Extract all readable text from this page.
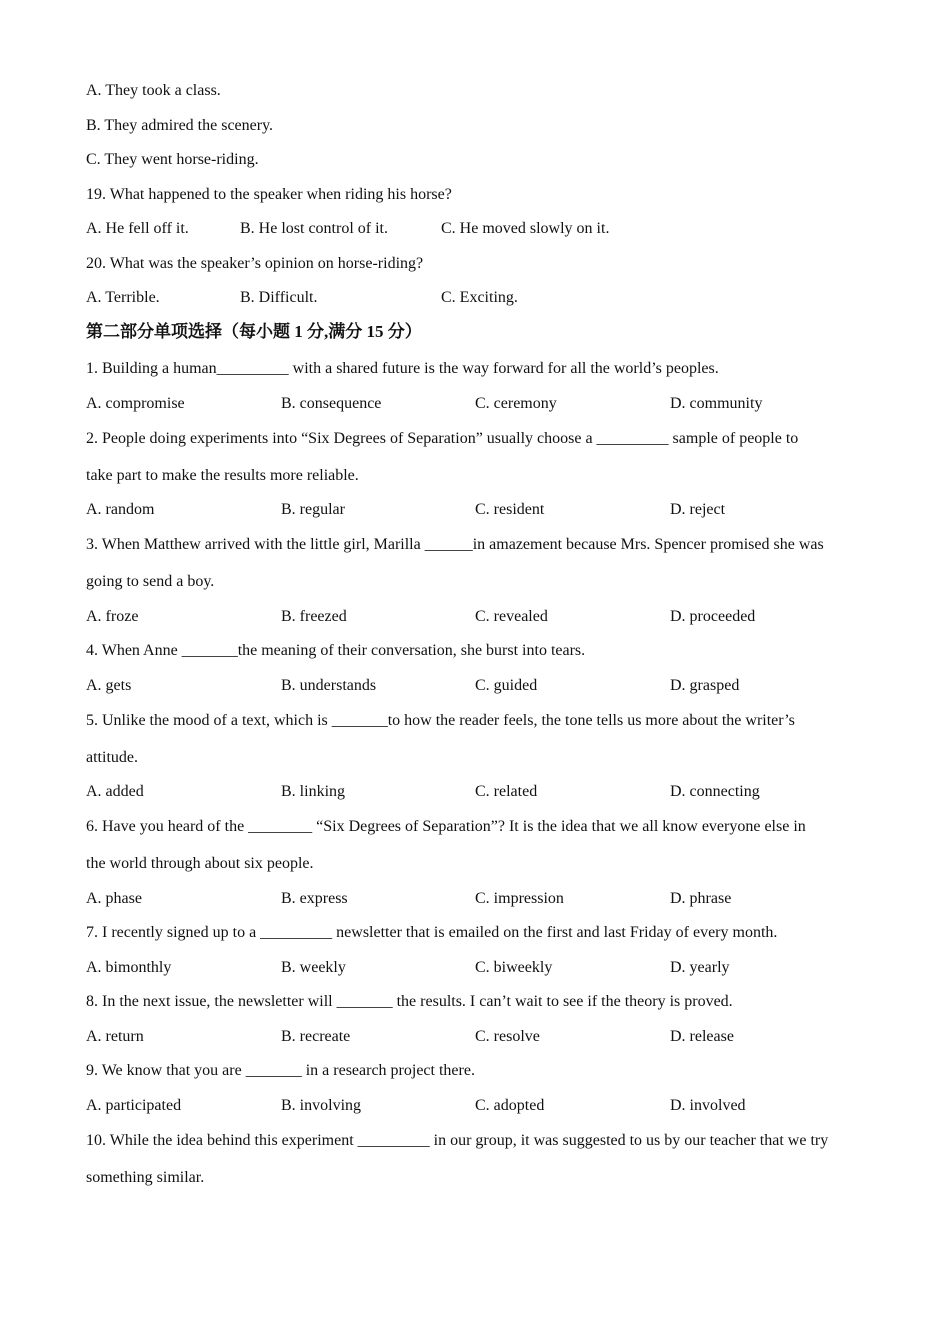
A. They took a class.
B. They admired the scenery.
C. They went horse-riding.
19. What happened to the speaker when riding his horse?
A. He fell off it.	B. He lost control of it.	C. He moved slowly on it.
20. What was the speaker’s opinion on horse-riding?
A. Terrible.	B. Difficult.	C. Exciting.
第二部分单项选择（每小题 1 分,满分 15 分）
1. Building a human_________ with a shared future is the way forward for all the world’s peoples.
A. compromise	B. consequence	C. ceremony	D. community
2. People doing experiments into “Six Degrees of Separation” usually choose a _________ sample of people to
take part to make the results more reliable.
A. random	B. regular	C. resident	D. reject
3. When Matthew arrived with the little girl, Marilla ______in amazement because Mrs. Spencer promised she was
going to send a boy.
A. froze	B. freezed	C. revealed	D. proceeded
4. When Anne _______the meaning of their conversation, she burst into tears.
A. gets	B. understands	C. guided	D. grasped
5. Unlike the mood of a text, which is _______to how the reader feels, the tone tells us more about the writer’s
attitude.
A. added	B. linking	C. related	D. connecting
6. Have you heard of the ________ “Six Degrees of Separation”? It is the idea that we all know everyone else in
the world through about six people.
A. phase	B. express	C. impression	D. phrase
7. I recently signed up to a _________ newsletter that is emailed on the first and last Friday of every month.
A. bimonthly	B. weekly	C. biweekly	D. yearly
8. In the next issue, the newsletter will _______ the results. I can’t wait to see if the theory is proved.
A. return	B. recreate	C. resolve	D. release
9. We know that you are _______ in a research project there.
A. participated	B. involving	C. adopted	D. involved
10. While the idea behind this experiment _________ in our group, it was suggested to us by our teacher that we try
something similar.
